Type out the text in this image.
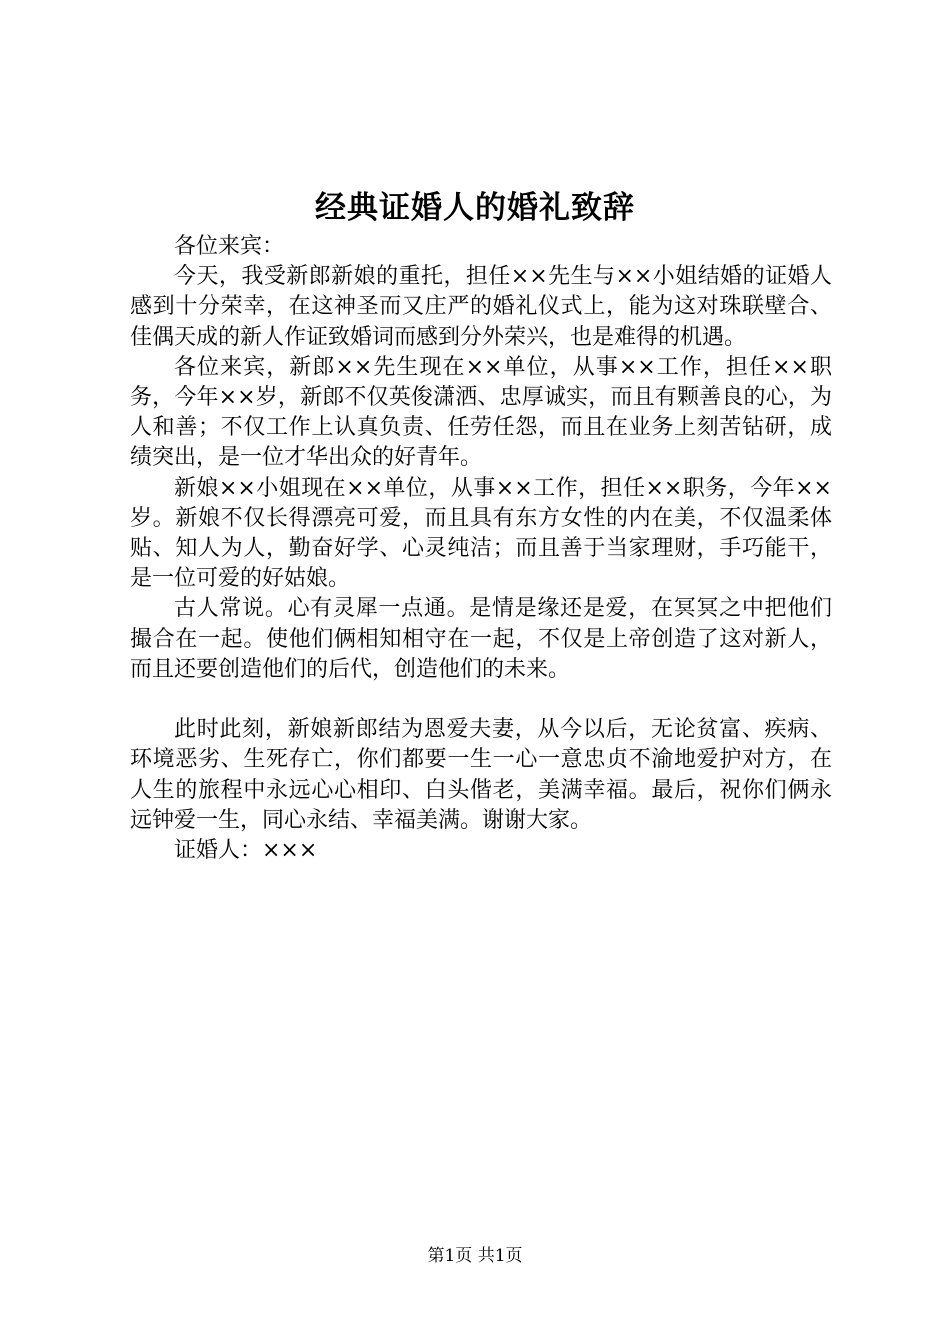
经典证婚人的婚礼致辞

各位来宾：

今天，我受新郎新娘的重托，担任××先生与××小姐结婚的证婚人感到十分荣幸，在这神圣而又庄严的婚礼仪式上，能为这对珠联壁合、佳偶天成的新人作证致婚词而感到分外荣兴，也是难得的机遇。

各位来宾，新郎××先生现在××单位，从事××工作，担任××职务，今年××岁，新郎不仅英俊潇洒、忠厚诚实，而且有颗善良的心，为人和善；不仅工作上认真负责、任劳任怨，而且在业务上刻苦钻研，成绩突出，是一位才华出众的好青年。

新娘××小姐现在××单位，从事××工作，担任××职务，今年××岁。新娘不仅长得漂亮可爱，而且具有东方女性的内在美，不仅温柔体贴、知人为人，勤奋好学、心灵纯洁；而且善于当家理财，手巧能干，是一位可爱的好姑娘。

古人常说。心有灵犀一点通。是情是缘还是爱，在冥冥之中把他们撮合在一起。使他们俩相知相守在一起，不仅是上帝创造了这对新人，而且还要创造他们的后代，创造他们的未来。

此时此刻，新娘新郎结为恩爱夫妻，从今以后，无论贫富、疾病、环境恶劣、生死存亡，你们都要一生一心一意忠贞不渝地爱护对方，在人生的旅程中永远心心相印、白头偕老，美满幸福。最后，祝你们俩永远钟爱一生，同心永结、幸福美满。谢谢大家。

证婚人：×××

第1页 共1页
